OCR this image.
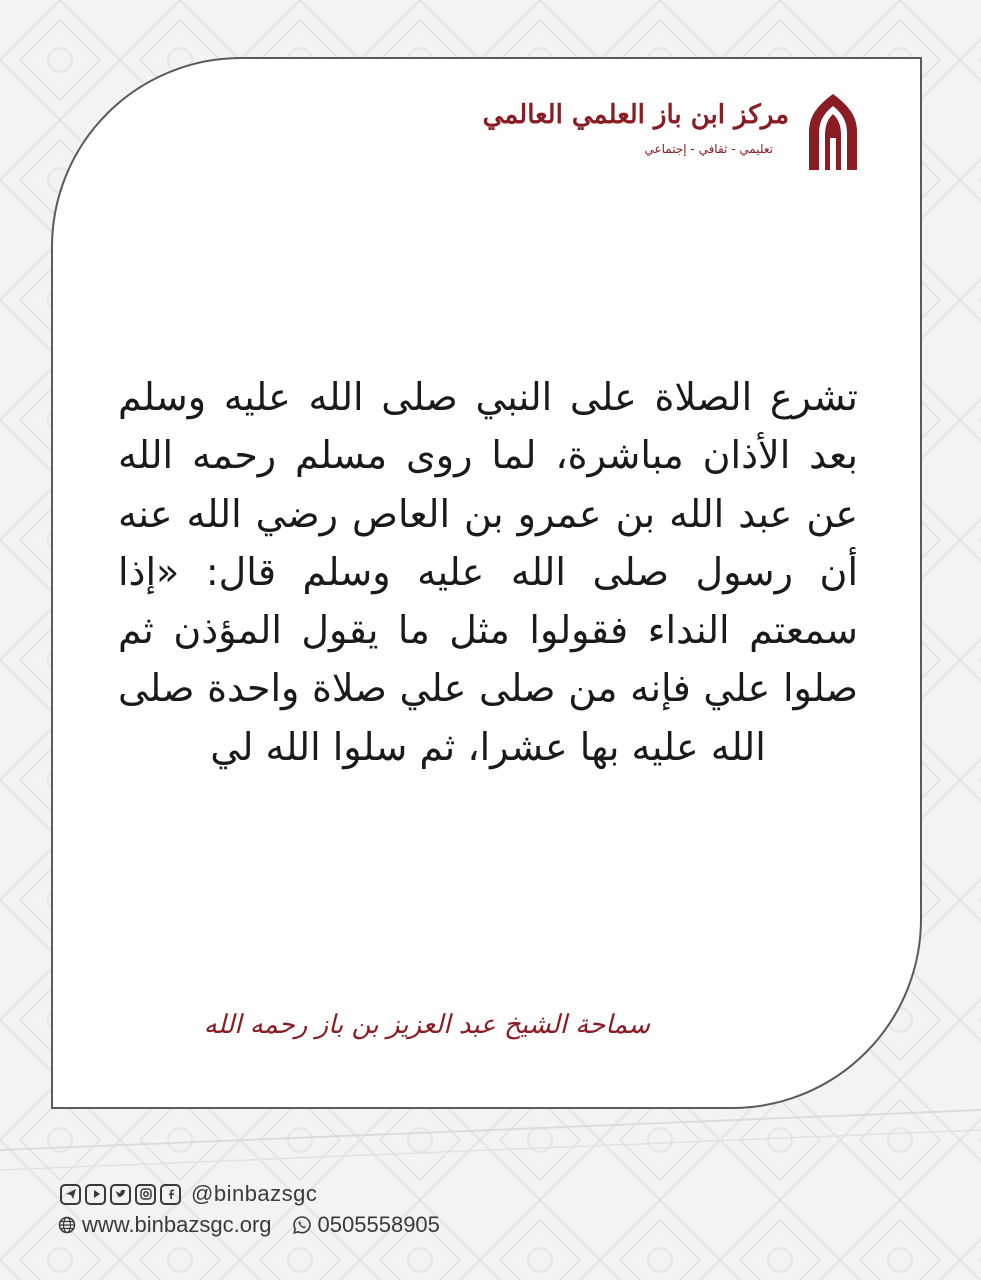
مركز ابن باز العلمي العالمي
تعليمي - ثقافي - إجتماعي
تشرع الصلاة على النبي صلى الله عليه وسلم بعد الأذان مباشرة، لما روى مسلم رحمه الله عن عبد الله بن عمرو بن العاص رضي الله عنه أن رسول صلى الله عليه وسلم قال: «إذا سمعتم النداء فقولوا مثل ما يقول المؤذن ثم صلوا علي فإنه من صلى علي صلاة واحدة صلى الله عليه بها عشرا، ثم سلوا الله لي
سماحة الشيخ عبد العزيز بن باز رحمه الله
@binbazsgc
www.binbazsgc.org 0505558905
